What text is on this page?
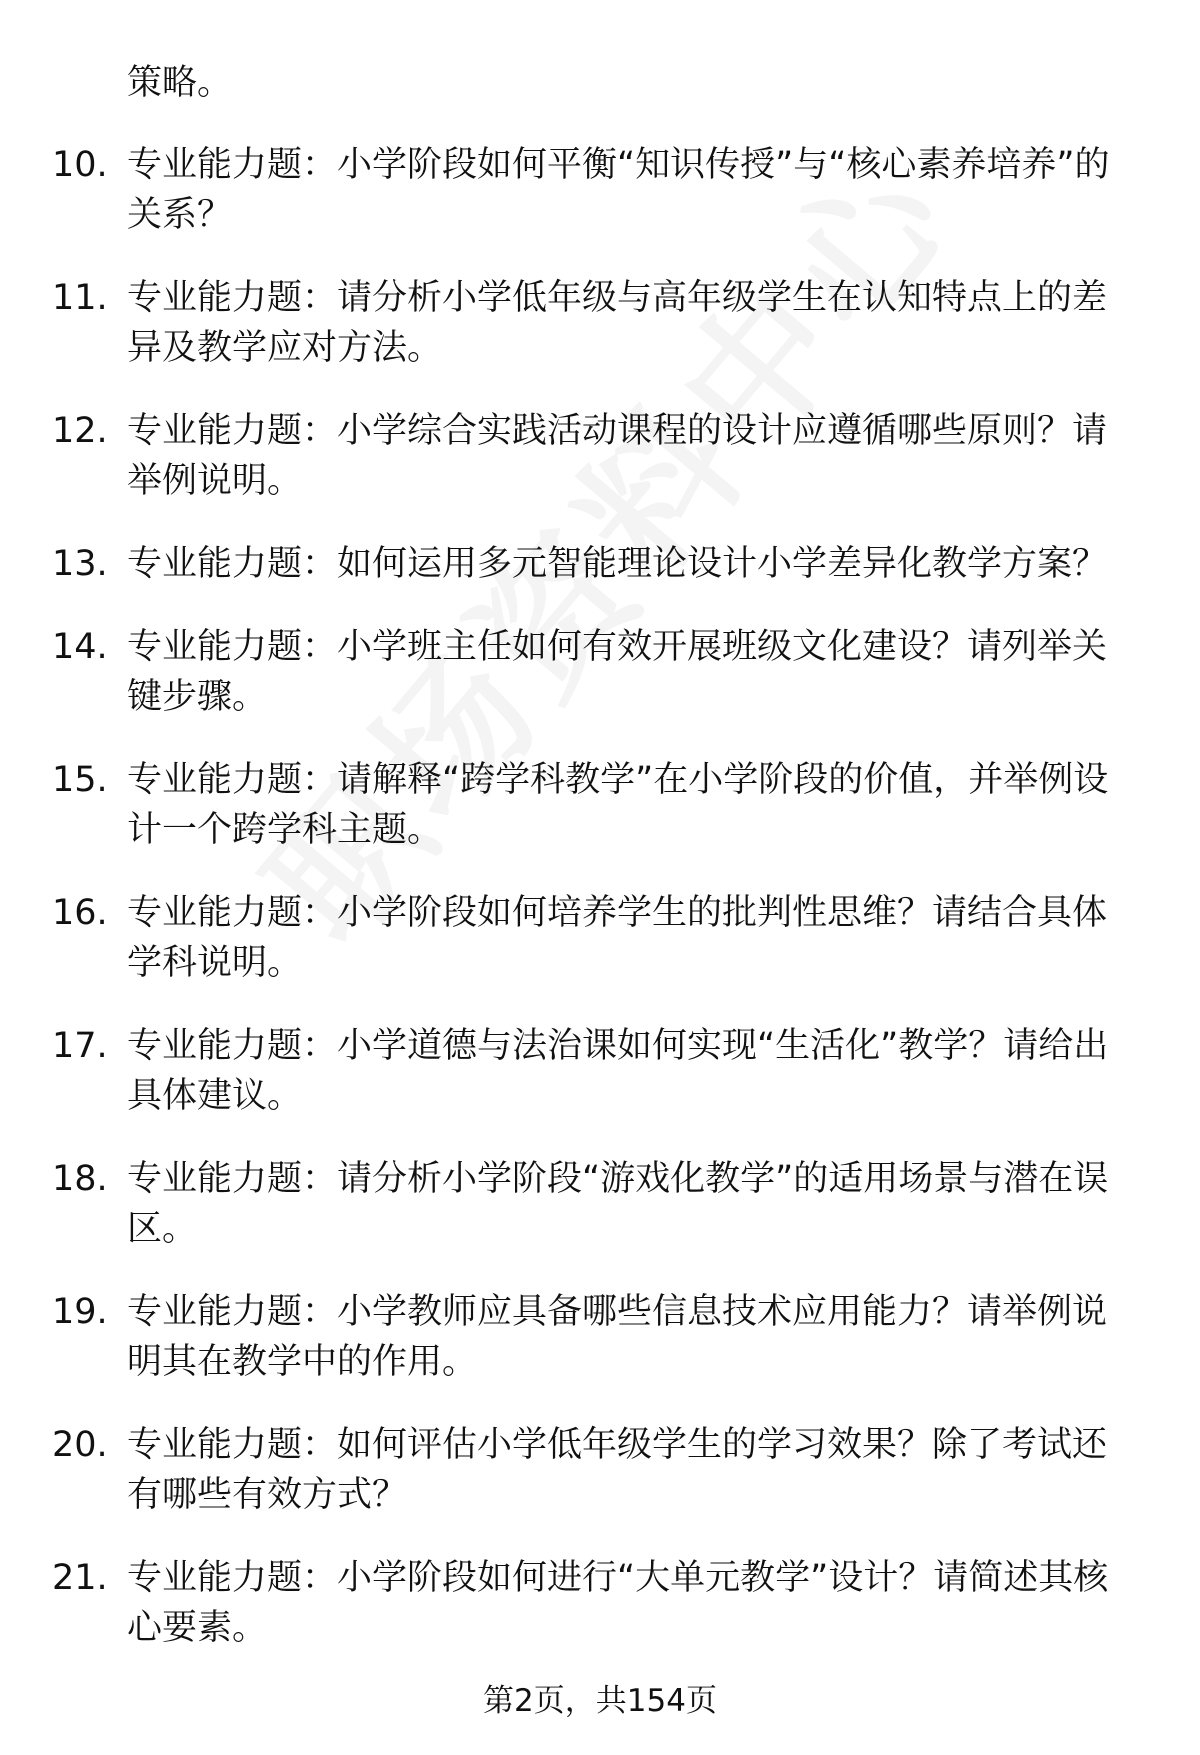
策略。

10. 专业能力题：小学阶段如何平衡“知识传授”与“核心素养培养”的关系？
11. 专业能力题：请分析小学低年级与高年级学生在认知特点上的差异及教学应对方法。
12. 专业能力题：小学综合实践活动课程的设计应遵循哪些原则？请举例说明。
13. 专业能力题：如何运用多元智能理论设计小学差异化教学方案？
14. 专业能力题：小学班主任如何有效开展班级文化建设？请列举关键步骤。
15. 专业能力题：请解释“跨学科教学”在小学阶段的价值，并举例设计一个跨学科主题。
16. 专业能力题：小学阶段如何培养学生的批判性思维？请结合具体学科说明。
17. 专业能力题：小学道德与法治课如何实现“生活化”教学？请给出具体建议。
18. 专业能力题：请分析小学阶段“游戏化教学”的适用场景与潜在误区。
19. 专业能力题：小学教师应具备哪些信息技术应用能力？请举例说明其在教学中的作用。
20. 专业能力题：如何评估小学低年级学生的学习效果？除了考试还有哪些有效方式？
21. 专业能力题：小学阶段如何进行“大单元教学”设计？请简述其核心要素。
第2页，共154页
